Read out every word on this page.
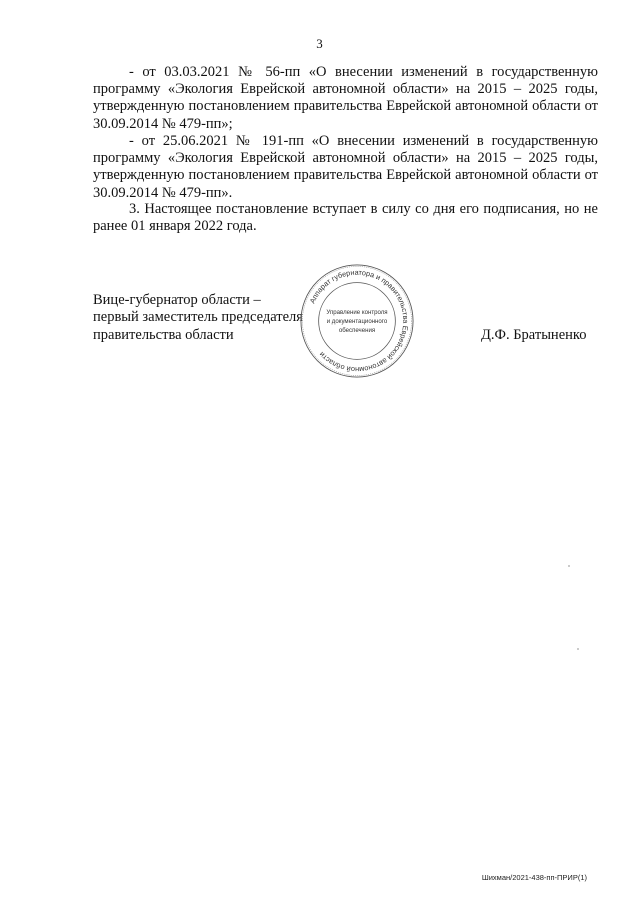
3
- от 03.03.2021 № 56-пп «О внесении изменений в государственную программу «Экология Еврейской автономной области» на 2015 – 2025 годы, утвержденную постановлением правительства Еврейской автономной области от 30.09.2014 № 479-пп»;
- от 25.06.2021 № 191-пп «О внесении изменений в государственную программу «Экология Еврейской автономной области» на 2015 – 2025 годы, утвержденную постановлением правительства Еврейской автономной области от 30.09.2014 № 479-пп».
3. Настоящее постановление вступает в силу со дня его подписания, но не ранее 01 января 2022 года.
Вице-губернатор области –
первый заместитель председателя
правительства области	Д.Ф. Братыненко
Аппарат губернатора и правительства Еврейской автономной области
Управление контроля
и документационного
обеспечения
Шихман/2021-438-пп-ПРИР(1)
